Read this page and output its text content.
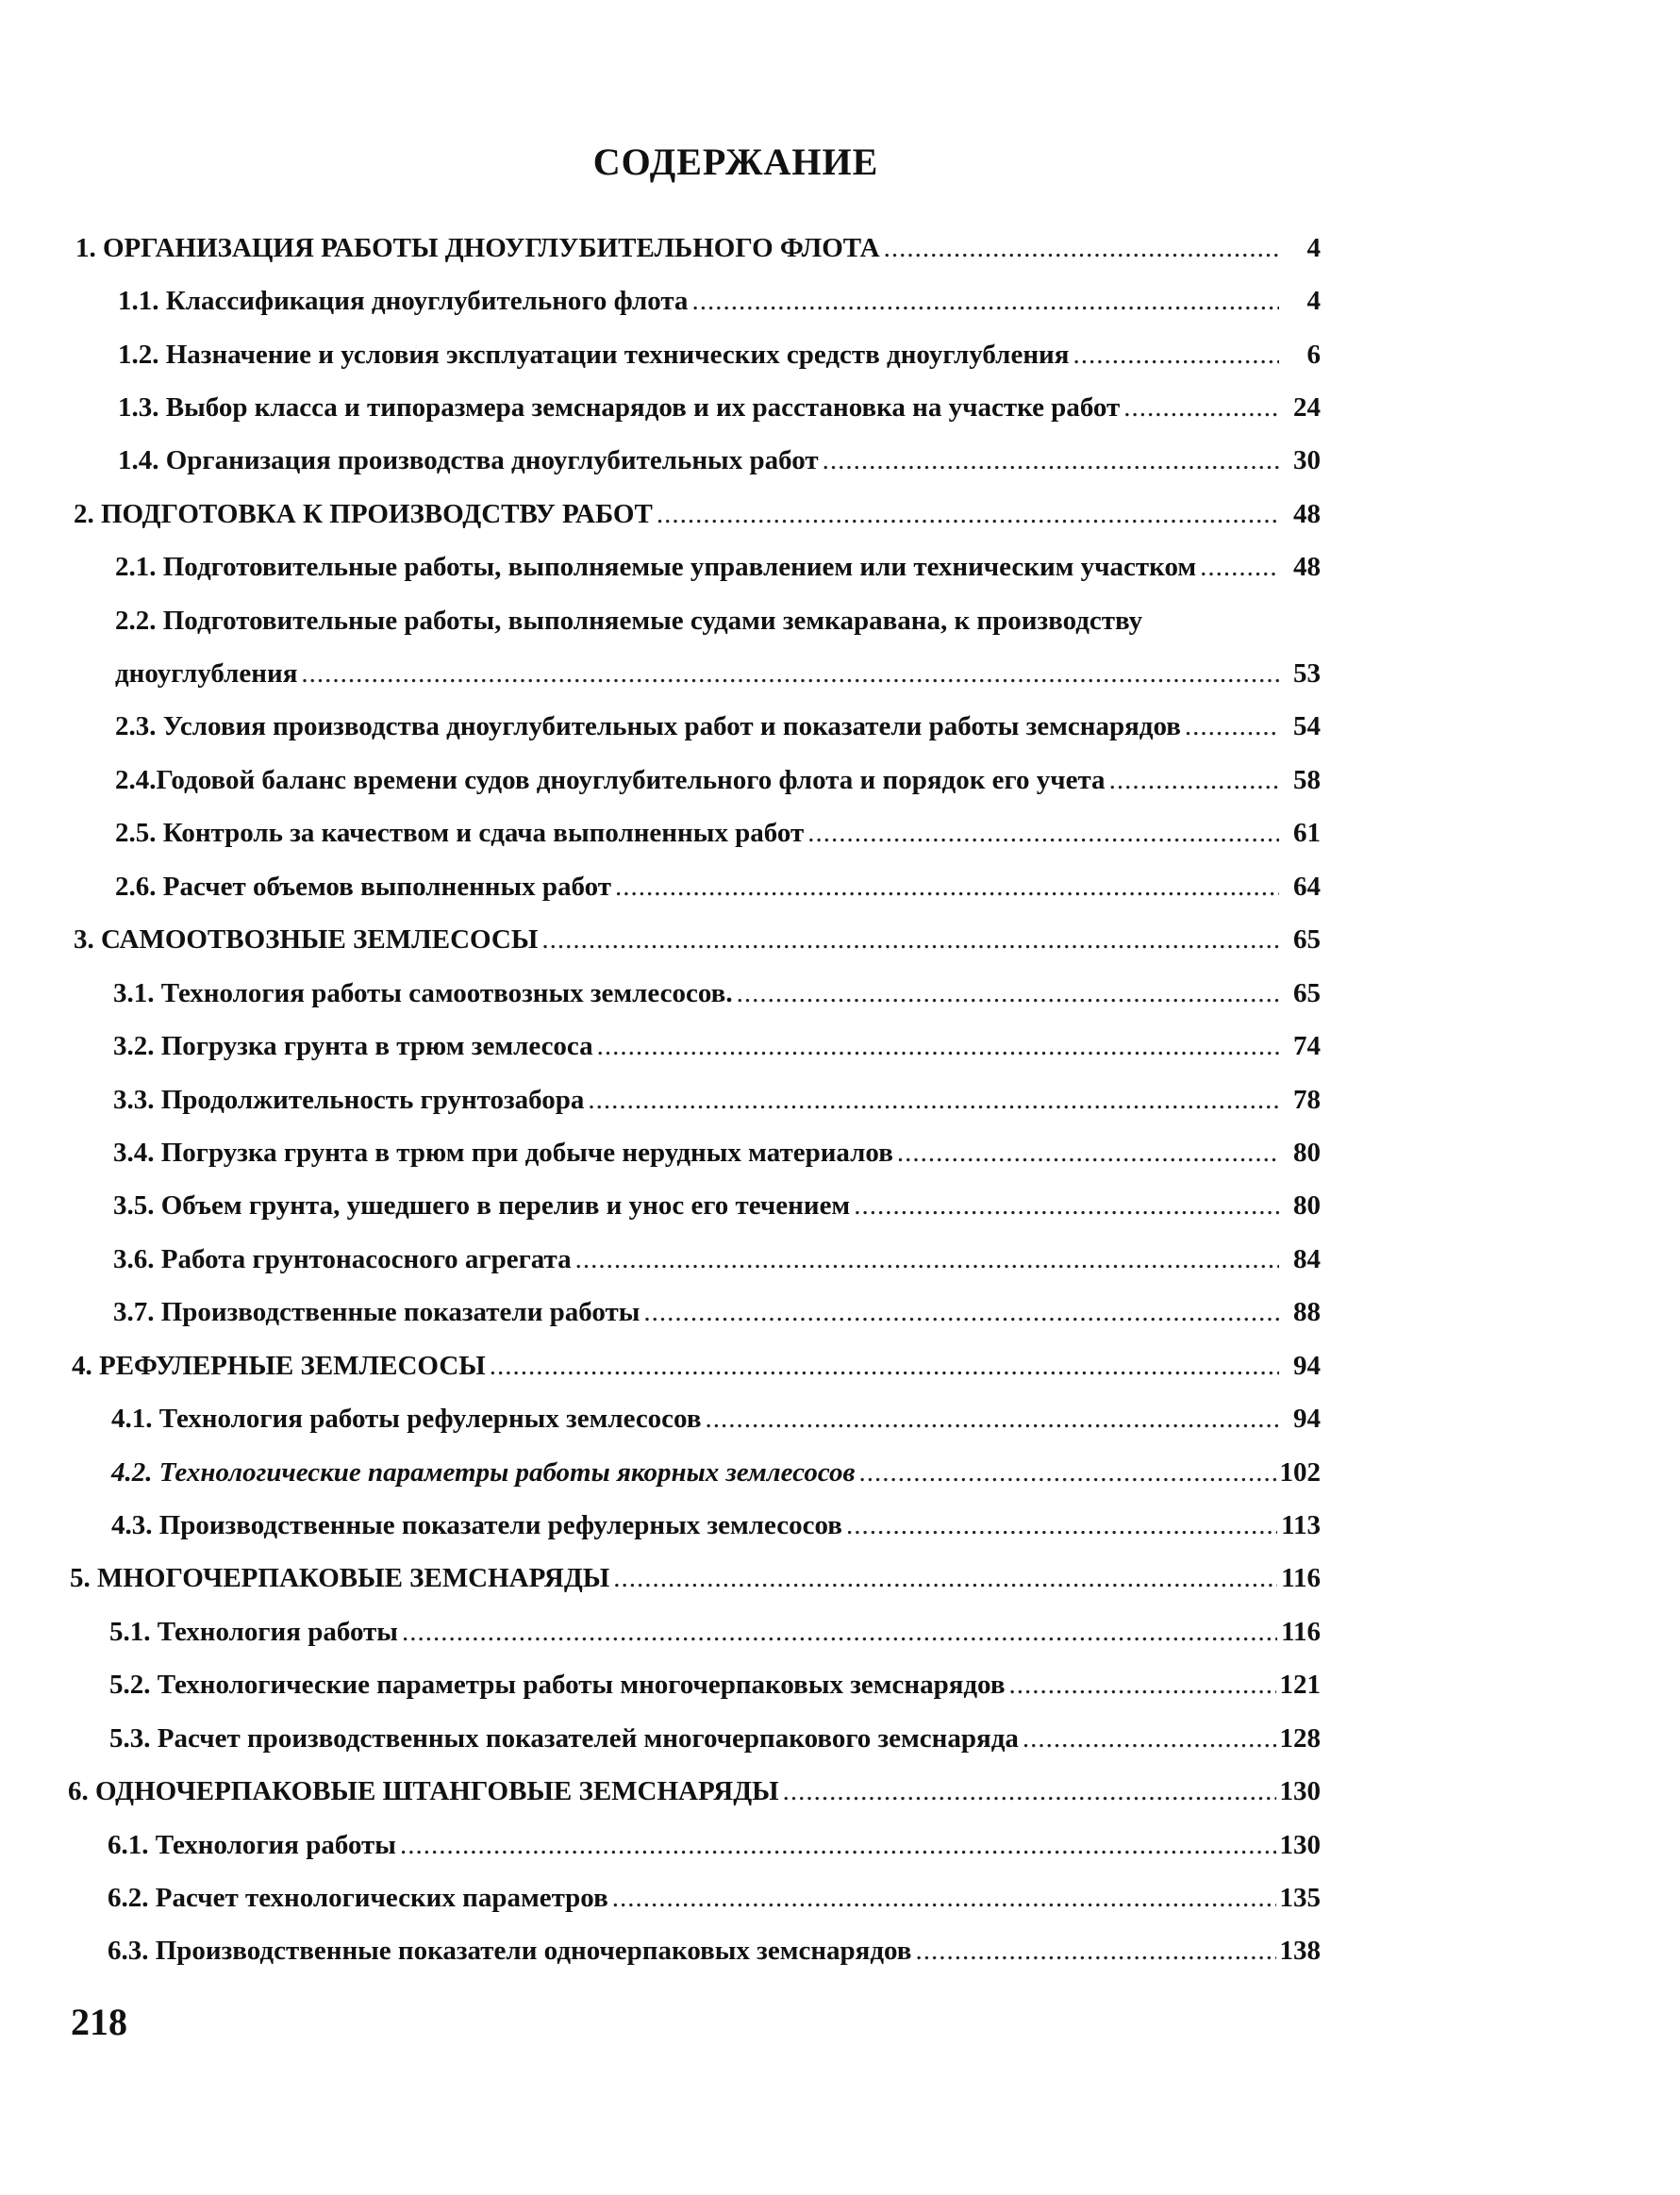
СОДЕРЖАНИЕ
1. ОРГАНИЗАЦИЯ РАБОТЫ ДНОУГЛУБИТЕЛЬНОГО ФЛОТА .....	4
1.1. Классификация дноуглубительного флота .....	4
1.2. Назначение и условия эксплуатации технических средств дноуглубления .....	6
1.3. Выбор класса и типоразмера земснарядов и их расстановка на участке работ .....	24
1.4. Организация производства дноуглубительных работ .....	30
2. ПОДГОТОВКА К ПРОИЗВОДСТВУ РАБОТ .....	48
2.1. Подготовительные работы, выполняемые управлением или техническим участком .....	48
2.2. Подготовительные работы, выполняемые судами земкаравана, к производству
дноуглубления .....	53
2.3. Условия производства дноуглубительных работ и показатели работы земснарядов .....	54
2.4.Годовой баланс времени судов дноуглубительного флота и порядок его учета .....	58
2.5. Контроль за качеством и сдача выполненных работ .....	61
2.6. Расчет объемов выполненных работ .....	64
3. САМООТВОЗНЫЕ ЗЕМЛЕСОСЫ .....	65
3.1. Технология работы самоотвозных землесосов. .....	65
3.2. Погрузка грунта в трюм землесоса .....	74
3.3. Продолжительность грунтозабора .....	78
3.4. Погрузка грунта в трюм при добыче нерудных материалов .....	80
3.5. Объем грунта, ушедшего в перелив и унос его течением .....	80
3.6. Работа грунтонасосного агрегата .....	84
3.7. Производственные показатели работы .....	88
4. РЕФУЛЕРНЫЕ ЗЕМЛЕСОСЫ .....	94
4.1. Технология работы рефулерных землесосов .....	94
4.2. Технологические параметры работы якорных землесосов .....	102
4.3. Производственные показатели рефулерных землесосов .....	113
5. МНОГОЧЕРПАКОВЫЕ ЗЕМСНАРЯДЫ .....	116
5.1. Технология работы .....	116
5.2. Технологические параметры работы многочерпаковых земснарядов .....	121
5.3. Расчет производственных показателей многочерпакового земснаряда .....	128
6. ОДНОЧЕРПАКОВЫЕ ШТАНГОВЫЕ ЗЕМСНАРЯДЫ .....	130
6.1. Технология работы .....	130
6.2. Расчет технологических параметров .....	135
6.3. Производственные показатели одночерпаковых земснарядов .....	138
218
